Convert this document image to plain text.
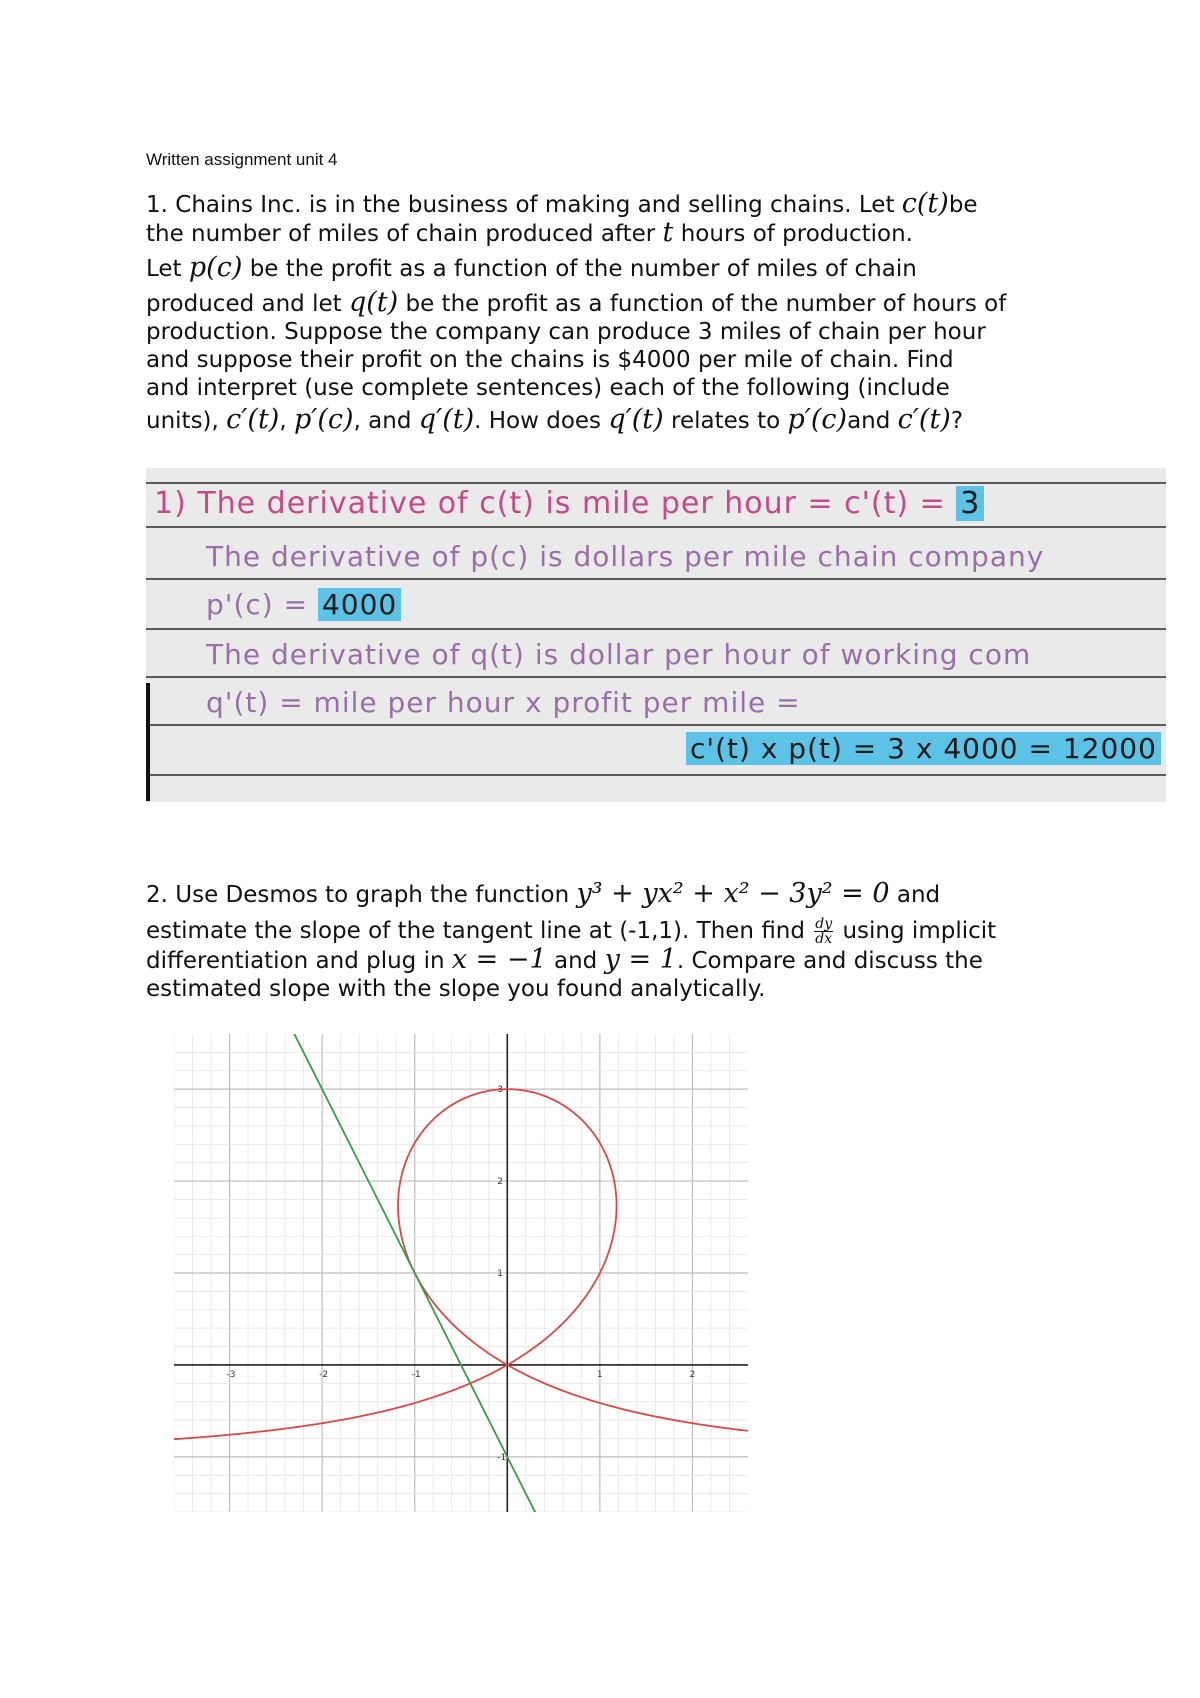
Written assignment unit 4
1. Chains Inc. is in the business of making and selling chains. Let c(t)be
the number of miles of chain produced after t hours of production.
Let p(c) be the profit as a function of the number of miles of chain
produced and let q(t) be the profit as a function of the number of hours of
production. Suppose the company can produce 3 miles of chain per hour
and suppose their profit on the chains is $4000 per mile of chain. Find
and interpret (use complete sentences) each of the following (include
units), c′(t), p′(c), and q′(t). How does q′(t) relates to p′(c)and c′(t)?
1) The derivative of c(t) is mile per hour = c'(t) = 3
The derivative of p(c) is dollars per mile chain company
p'(c) = 4000
The derivative of q(t) is dollar per hour of working com
q'(t) = mile per hour x profit per mile =
c'(t) x p(t) = 3 x 4000 = 12000
2. Use Desmos to graph the function y³ + yx² + x² − 3y² = 0 and
estimate the slope of the tangent line at (-1,1). Then find $\frac{dy}{dx}$ using implicit
differentiation and plug in x = −1 and y = 1. Compare and discuss the
estimated slope with the slope you found analytically.
-3	-2	-1	1	2
-1
1
2
3
